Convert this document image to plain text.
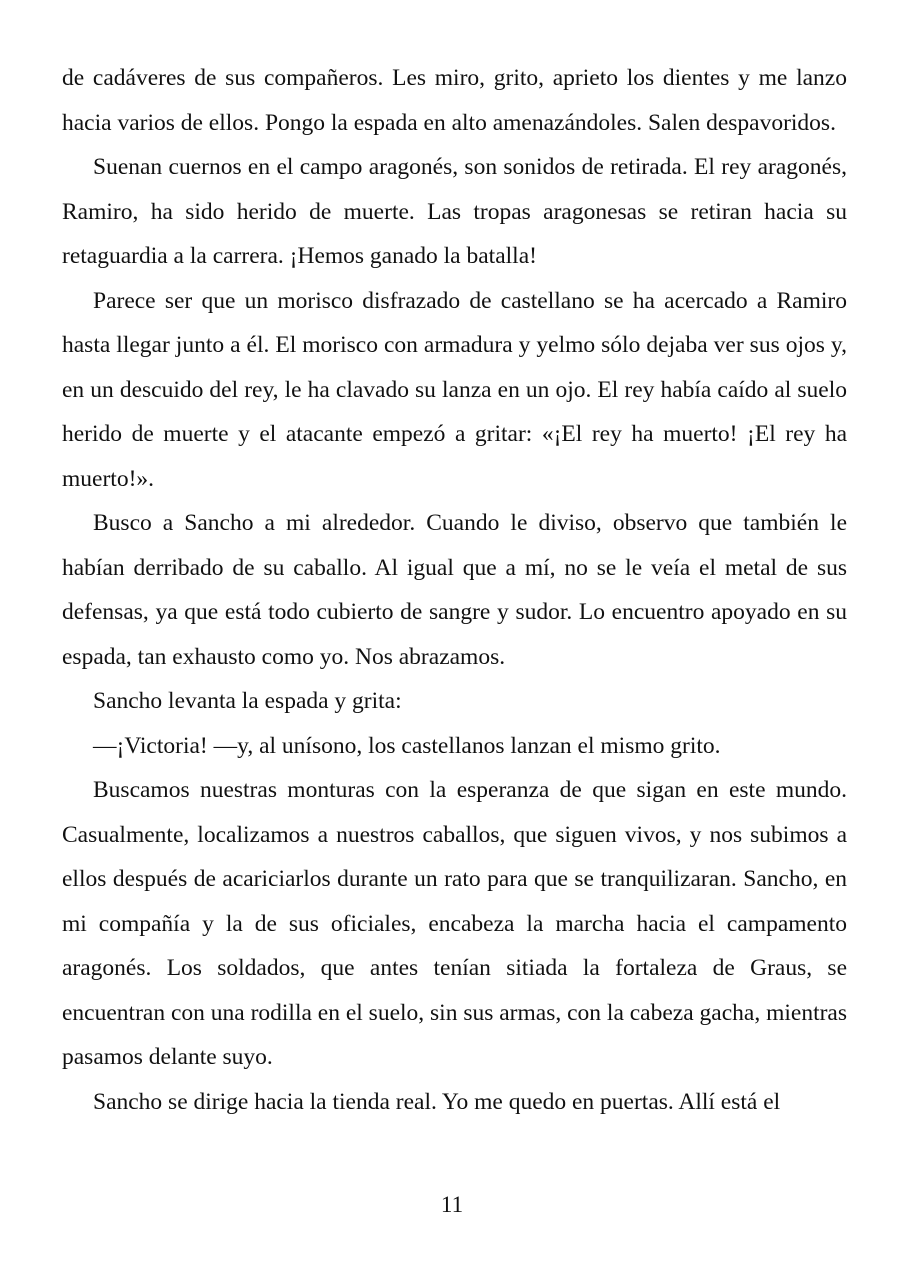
de cadáveres de sus compañeros. Les miro, grito, aprieto los dientes y me lanzo hacia varios de ellos. Pongo la espada en alto amenazándoles. Salen despavoridos.

Suenan cuernos en el campo aragonés, son sonidos de retirada. El rey aragonés, Ramiro, ha sido herido de muerte. Las tropas aragonesas se retiran hacia su retaguardia a la carrera. ¡Hemos ganado la batalla!

Parece ser que un morisco disfrazado de castellano se ha acercado a Ramiro hasta llegar junto a él. El morisco con armadura y yelmo sólo dejaba ver sus ojos y, en un descuido del rey, le ha clavado su lanza en un ojo. El rey había caído al suelo herido de muerte y el atacante empezó a gritar: «¡El rey ha muerto! ¡El rey ha muerto!».

Busco a Sancho a mi alrededor. Cuando le diviso, observo que también le habían derribado de su caballo. Al igual que a mí, no se le veía el metal de sus defensas, ya que está todo cubierto de sangre y sudor. Lo encuentro apoyado en su espada, tan exhausto como yo. Nos abrazamos.

Sancho levanta la espada y grita:

—¡Victoria! —y, al unísono, los castellanos lanzan el mismo grito.

Buscamos nuestras monturas con la esperanza de que sigan en este mundo. Casualmente, localizamos a nuestros caballos, que siguen vivos, y nos subimos a ellos después de acariciarlos durante un rato para que se tranquilizaran. Sancho, en mi compañía y la de sus oficiales, encabeza la marcha hacia el campamento aragonés. Los soldados, que antes tenían sitiada la fortaleza de Graus, se encuentran con una rodilla en el suelo, sin sus armas, con la cabeza gacha, mientras pasamos delante suyo.

Sancho se dirige hacia la tienda real. Yo me quedo en puertas. Allí está el

11
